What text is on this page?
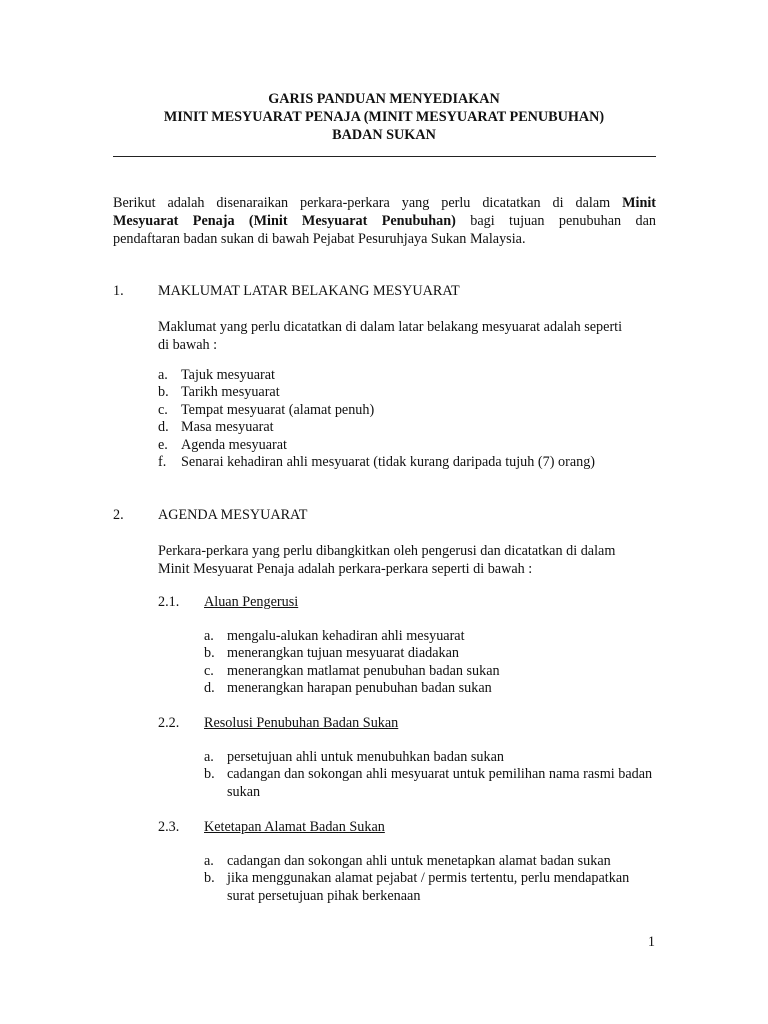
GARIS PANDUAN MENYEDIAKAN
MINIT MESYUARAT PENAJA (MINIT MESYUARAT PENUBUHAN)
BADAN SUKAN
Berikut adalah disenaraikan perkara-perkara yang perlu dicatatkan di dalam Minit
Mesyuarat Penaja (Minit Mesyuarat Penubuhan) bagi tujuan penubuhan dan
pendaftaran badan sukan di bawah Pejabat Pesuruhjaya Sukan Malaysia.
1. MAKLUMAT LATAR BELAKANG MESYUARAT
Maklumat yang perlu dicatatkan di dalam latar belakang mesyuarat adalah seperti
di bawah :
a. Tajuk mesyuarat
b. Tarikh mesyuarat
c. Tempat mesyuarat (alamat penuh)
d. Masa mesyuarat
e. Agenda mesyuarat
f. Senarai kehadiran ahli mesyuarat (tidak kurang daripada tujuh (7) orang)
2. AGENDA MESYUARAT
Perkara-perkara yang perlu dibangkitkan oleh pengerusi dan dicatatkan di dalam
Minit Mesyuarat Penaja adalah perkara-perkara seperti di bawah :
2.1. Aluan Pengerusi
a. mengalu-alukan kehadiran ahli mesyuarat
b. menerangkan tujuan mesyuarat diadakan
c. menerangkan matlamat penubuhan badan sukan
d. menerangkan harapan penubuhan badan sukan
2.2. Resolusi Penubuhan Badan Sukan
a. persetujuan ahli untuk menubuhkan badan sukan
b. cadangan dan sokongan ahli mesyuarat untuk pemilihan nama rasmi badan sukan
2.3. Ketetapan Alamat Badan Sukan
a. cadangan dan sokongan ahli untuk menetapkan alamat badan sukan
b. jika menggunakan alamat pejabat / permis tertentu, perlu mendapatkan surat persetujuan pihak berkenaan
1
